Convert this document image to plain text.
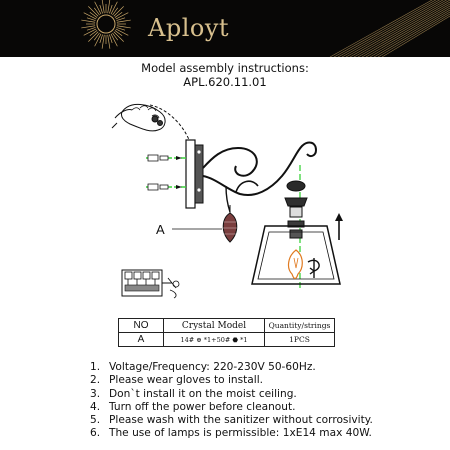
Aployt
Model assembly instructions:
APL.620.11.01
A
NO	Crystal Model	Quantity/strings
A	14# ⊕ *1+50# ⬣ *1	1PCS
1. Voltage/Frequency: 220-230V 50-60Hz.
2. Please wear gloves to install.
3. Don`t install it on the moist ceiling.
4. Turn off the power before cleanout.
5. Please wash with the sanitizer without corrosivity.
6. The use of lamps is permissible: 1xE14 max 40W.
